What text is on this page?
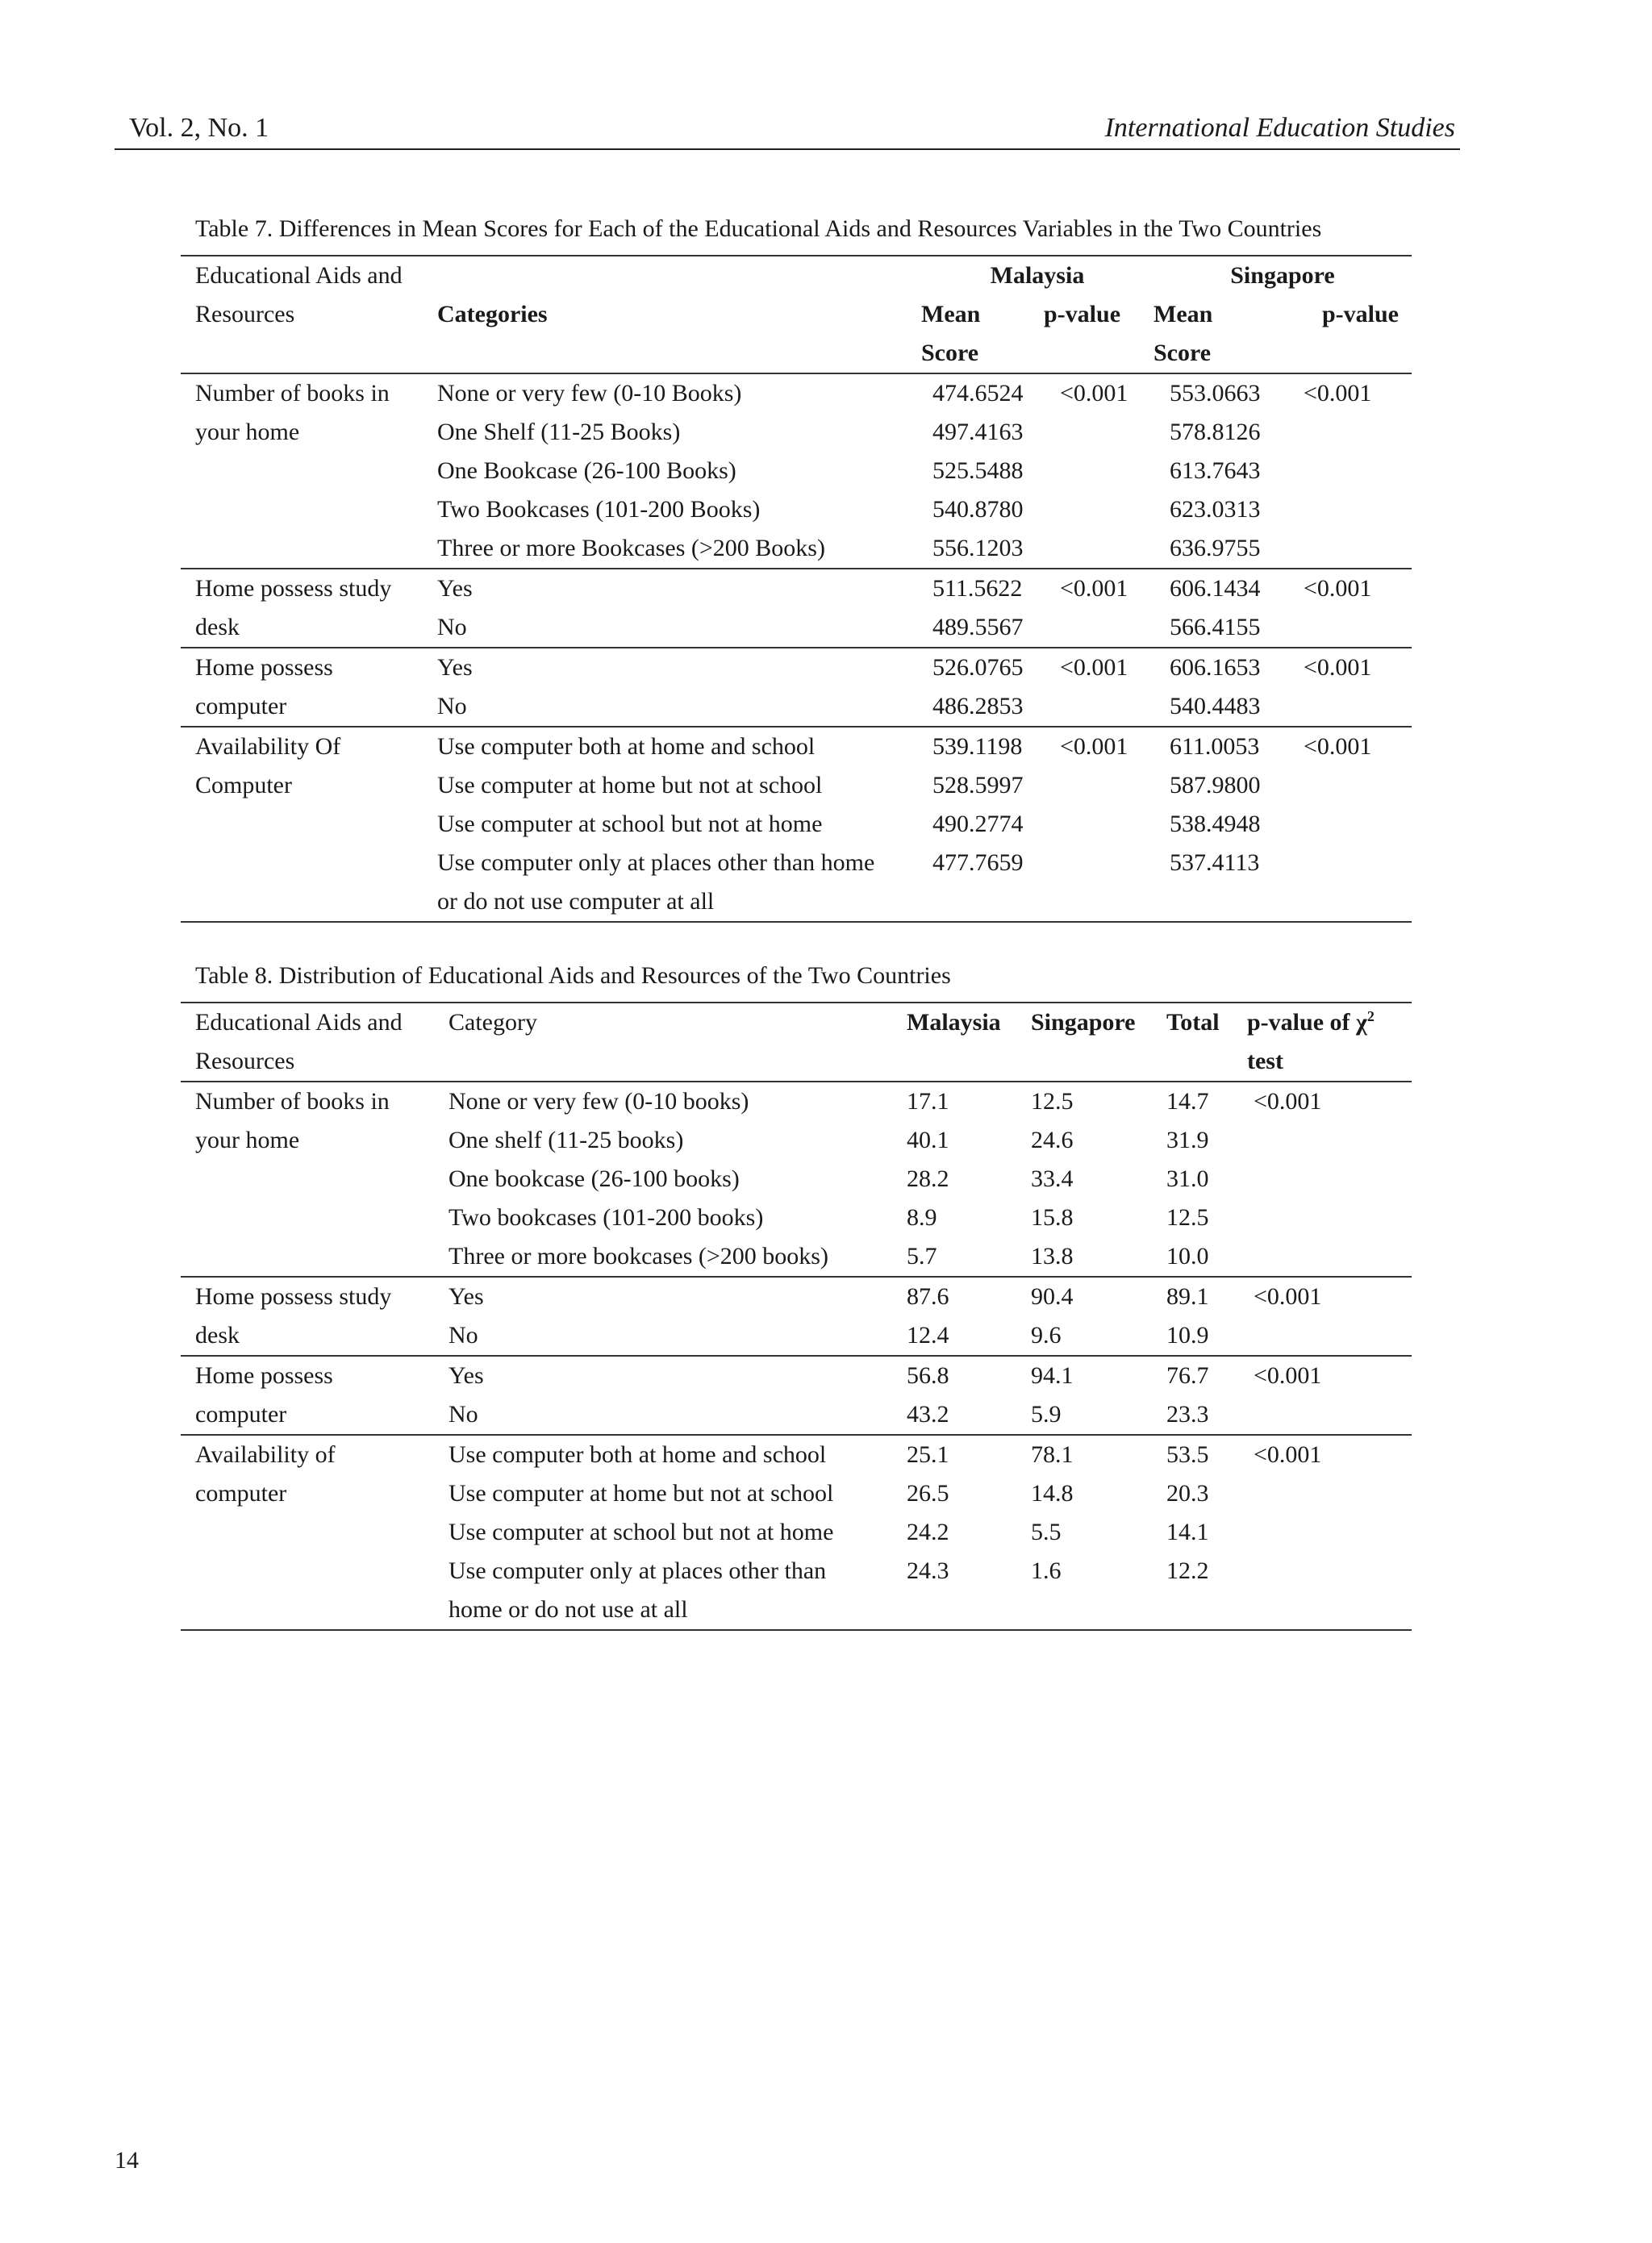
Vol. 2, No. 1	International Education Studies
Table 7. Differences in Mean Scores for Each of the Educational Aids and Resources Variables in the Two Countries
Educational Aids and		Malaysia		Singapore	
Resources	Categories	Mean	p-value	Mean	p-value
		Score		Score	
Number of books in	None or very few (0-10 Books)	474.6524	<0.001	553.0663	<0.001
your home	One Shelf (11-25 Books)	497.4163		578.8126	
	One Bookcase (26-100 Books)	525.5488		613.7643	
	Two Bookcases (101-200 Books)	540.8780		623.0313	
	Three or more Bookcases (>200 Books)	556.1203		636.9755	
Home possess study	Yes	511.5622	<0.001	606.1434	<0.001
desk	No	489.5567		566.4155	
Home possess	Yes	526.0765	<0.001	606.1653	<0.001
computer	No	486.2853		540.4483	
Availability Of	Use computer both at home and school	539.1198	<0.001	611.0053	<0.001
Computer	Use computer at home but not at school	528.5997		587.9800	
	Use computer at school but not at home	490.2774		538.4948	
	Use computer only at places other than home	477.7659		537.4113	
	or do not use computer at all				
Table 8. Distribution of Educational Aids and Resources of the Two Countries
Educational Aids and	Category	Malaysia	Singapore	Total	p-value of $\chi^2$
Resources					test
Number of books in	None or very few (0-10 books)	17.1	12.5	14.7	<0.001
your home	One shelf (11-25 books)	40.1	24.6	31.9	
	One bookcase (26-100 books)	28.2	33.4	31.0	
	Two bookcases (101-200 books)	8.9	15.8	12.5	
	Three or more bookcases (>200 books)	5.7	13.8	10.0	
Home possess study	Yes	87.6	90.4	89.1	<0.001
desk	No	12.4	9.6	10.9	
Home possess	Yes	56.8	94.1	76.7	<0.001
computer	No	43.2	5.9	23.3	
Availability of	Use computer both at home and school	25.1	78.1	53.5	<0.001
computer	Use computer at home but not at school	26.5	14.8	20.3	
	Use computer at school but not at home	24.2	5.5	14.1	
	Use computer only at places other than	24.3	1.6	12.2	
	home or do not use at all				
14
